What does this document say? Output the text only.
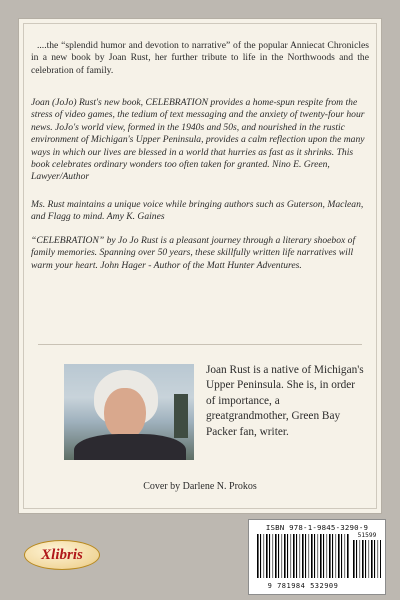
....the “splendid humor and devotion to narrative” of the popular Anniecat Chronicles in a new book by Joan Rust, her further tribute to life in the Northwoods and the celebration of family.

Joan (JoJo) Rust's new book, CELEBRATION provides a home-spun respite from the stress of video games, the tedium of text messaging and the anxiety of twenty-four hour news. JoJo's world view, formed in the 1940s and 50s, and nourished in the rustic environment of Michigan's Upper Peninsula, provides a calm reflection upon the many ways in which our lives are blessed in a world that hurries as fast as it shrinks. This book celebrates ordinary wonders too often taken for granted. Nino E. Green, Lawyer/Author

Ms. Rust maintains a unique voice while bringing authors such as Guterson, Maclean, and Flagg to mind. Amy K. Gaines

“CELEBRATION” by Jo Jo Rust is a pleasant journey through a literary shoebox of family memories. Spanning over 50 years, these skillfully written life narratives will warm your heart. John Hager - Author of the Matt Hunter Adventures.

Joan Rust is a native of Michigan's Upper Peninsula. She is, in order of importance, a greatgrandmother, Green Bay Packer fan, writer.

Cover by Darlene N. Prokos

Xlibris
ISBN 978-1-9845-3290-9
51599
9 781984 532909
